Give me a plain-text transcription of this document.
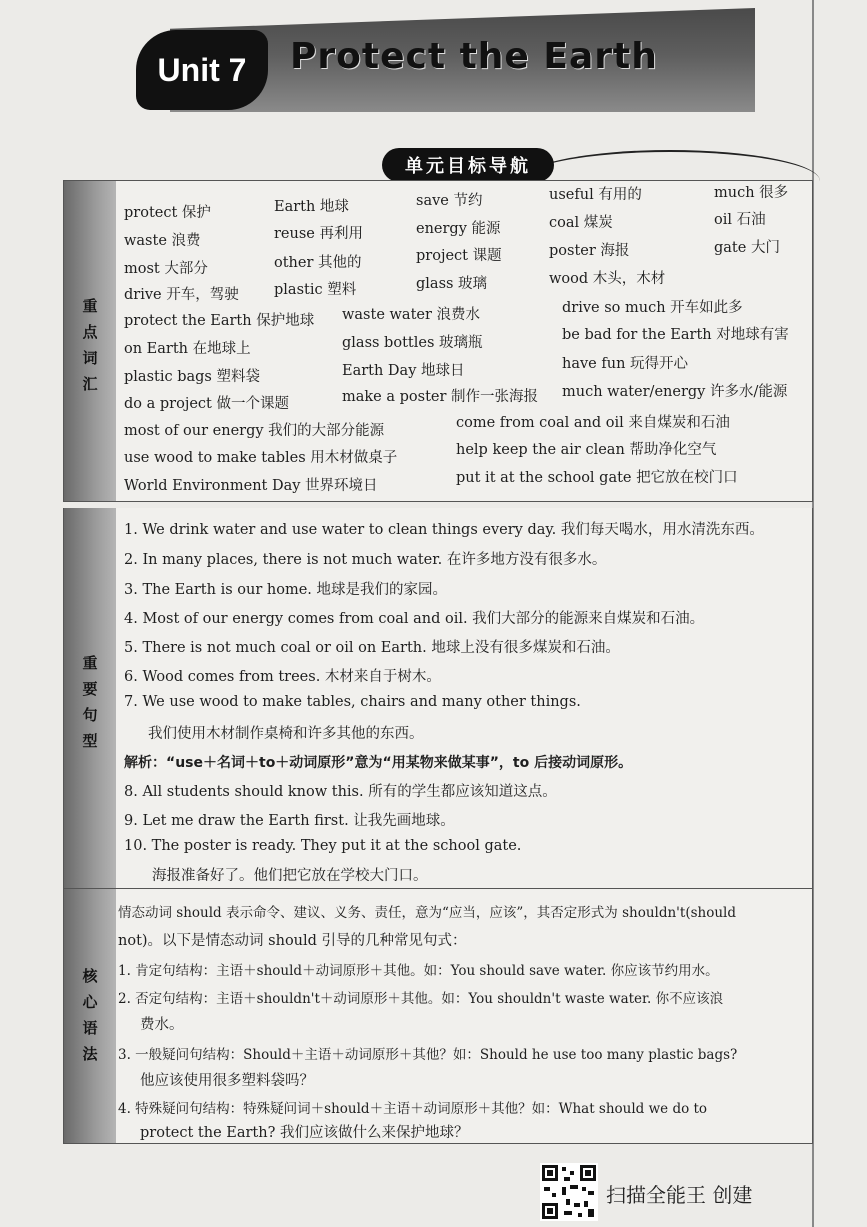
Unit 7	Protect the Earth
单元目标导航
重
点
词
汇
protect 保护	Earth 地球	save 节约	useful 有用的	much 很多
waste 浪费	reuse 再利用	energy 能源	coal 煤炭	oil 石油
most 大部分	other 其他的	project 课题	poster 海报	gate 大门
drive 开车，驾驶 plastic 塑料	glass 玻璃	wood 木头，木材
protect the Earth 保护地球 waste water 浪费水	drive so much 开车如此多
on Earth 在地球上	glass bottles 玻璃瓶	be bad for the Earth 对地球有害
plastic bags 塑料袋	Earth Day 地球日	have fun 玩得开心
do a project 做一个课题	make a poster 制作一张海报 much water/energy 许多水/能源
most of our energy 我们的大部分能源	come from coal and oil 来自煤炭和石油
use wood to make tables 用木材做桌子	help keep the air clean 帮助净化空气
World Environment Day 世界环境日	put it at the school gate 把它放在校门口
重
要
句
型
1. We drink water and use water to clean things every day. 我们每天喝水，用水清洗东西。
2. In many places, there is not much water. 在许多地方没有很多水。
3. The Earth is our home. 地球是我们的家园。
4. Most of our energy comes from coal and oil. 我们大部分的能源来自煤炭和石油。
5. There is not much coal or oil on Earth. 地球上没有很多煤炭和石油。
6. Wood comes from trees. 木材来自于树木。
7. We use wood to make tables, chairs and many other things.
我们使用木材制作桌椅和许多其他的东西。
解析：“use＋名词＋to＋动词原形”意为“用某物来做某事”，to 后接动词原形。
8. All students should know this. 所有的学生都应该知道这点。
9. Let me draw the Earth first. 让我先画地球。
10. The poster is ready. They put it at the school gate.
海报准备好了。他们把它放在学校大门口。
核
心
语
法
情态动词 should 表示命令、建议、义务、责任，意为“应当，应该”，其否定形式为 shouldn't(should
not)。以下是情态动词 should 引导的几种常见句式：
1. 肯定句结构：主语＋should＋动词原形＋其他。如：You should save water. 你应该节约用水。
2. 否定句结构：主语＋shouldn't＋动词原形＋其他。如：You shouldn't waste water. 你不应该浪
费水。
3. 一般疑问句结构：Should＋主语＋动词原形＋其他？如：Should he use too many plastic bags?
他应该使用很多塑料袋吗？
4. 特殊疑问句结构：特殊疑问词＋should＋主语＋动词原形＋其他？如：What should we do to
protect the Earth? 我们应该做什么来保护地球？
扫描全能王 创建
